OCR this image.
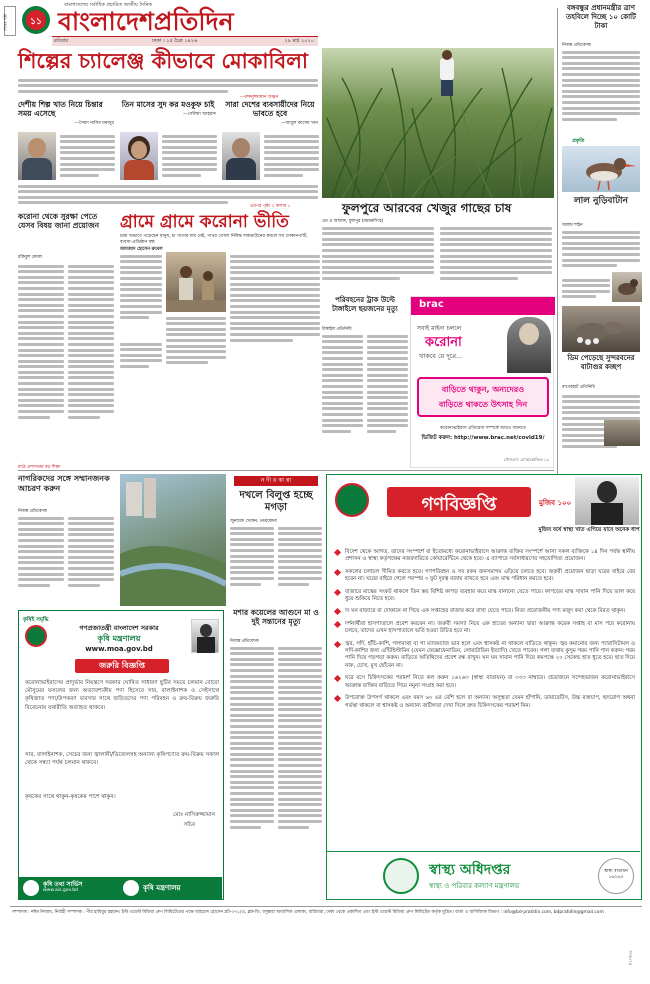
শেষের পৃষ্ঠা	১১
বাংলাদেশের সর্বাধিক প্রচারিত জাতীয় দৈনিক
বাংলাদেশপ্রতিদিন
রবিবার	ঢাকা । ১৫ চৈত্র ১৪২৬	২৯ মার্চ ২০২০
শিল্পের চ্যালেঞ্জ কীভাবে মোকাবিলা
—রুকনুজ্জামান অঞ্জন
দেশীয় শিল্প খাত নিয়ে চিন্তার সময় এসেছে
—সৈয়দ নাসিম মনজুর
তিন মাসের সুদ কর মওকুফ চাই
—সেলিমা আহমাদ
সারা দেশের ব্যবসায়ীদের নিয়ে ভাবতে হবে
—আবুল কাসেম খান
এরপর পৃষ্ঠা ২ কলাম ১	ফুলপুরে আরবের খেজুর গাছের চাষ
এম এ আজাদ, ফুলপুর (ময়মনসিংহ)
বঙ্গবন্ধুর প্রধানমন্ত্রীর ত্রাণ তহবিলে দিচ্ছে ১০ কোটি টাকা
নিজস্ব প্রতিবেদক
প্রকৃতি
লাল নুড়িবাটান
আলম শাইন
করোনা থেকে সুরক্ষা পেতে যেসব বিষয় জানা প্রয়োজন
রকিবুল কেবল
গ্রামে গ্রামে করোনা ভীতি
চরম অভাবে পড়েছেন মানুষ, চা পাতার দাম নেই, পাথর তোলা নিষিদ্ধ লকডাউনের কবলে সব দোকানপাটি, ব্যবসা-প্রতিষ্ঠান বন্ধ
আমজাদ হোসেন রুবেল
পরিবহনের ট্রাক উল্টে টাঙ্গাইলে ছয়জনের মৃত্যু
টাঙ্গাইল প্রতিনিধি
brac
সবাই মাইনা চললে
করোনা
থাকবে যে দূরে...
বাড়িতে থাকুন, অন্যদেরও
বাড়িতে থাকতে উৎসাহ দিন
করোনাভাইরাস প্রতিরোধ সম্পর্কে আরও জানতে
ভিজিট করুন: http://www.brac.net/covid19/
সৌজন্যে: ব্র্যাক/কোভিড-১৯
ডিম পেড়েছে সুন্দরবনের বাটাগুর কচ্ছপ
বাগেরহাট প্রতিনিধি
মাঠে প্রশাসনের বড় শিক্ষা
নাগরিকদের সঙ্গে সম্মানজনক আচরণ করুন
নিজস্ব প্রতিবেদক
ন দী র কা ন্না
দখলে বিলুপ্ত হচ্ছে মগড়া
জুনায়েদ খোকন, নেত্রকোনা
মশার কয়েলের আগুনে মা ও দুই সন্তানের মৃত্যু
নিজস্ব প্রতিবেদক
কৃষিই সমৃদ্ধি
গণপ্রজাতন্ত্রী বাংলাদেশ সরকার
কৃষি মন্ত্রণালয়
www.moa.gov.bd
জরুরি বিজ্ঞপ্তি
করোনাভাইরাসের প্রাদুর্ভাব নিয়ন্ত্রণে সরকার ঘোষিত সাধারণ ছুটির সময়ে চলমান বোরো মৌসুমের ফসলের জন্য অত্যাবশ্যকীয় পণ্য হিসেবে সার, বালাইনাশক ও সেইসাথে কৃষিজাত পণ্য/উপকরণ ব্যবসার সাথে জড়িতদের পণ্য পরিবহন ও ক্রয়-বিক্রয় জরুরি বিবেচনায় যথারীতি অব্যাহত থাকবে।
সার, বালাইনাশক, সেচের জন্য জ্বালানী/ডিজেলসহ অন্যান্য কৃষিপণ্যের ক্রয়-বিক্রয় সকাল থেকে সন্ধ্যা পর্যন্ত চলমান থাকবে।
কৃষকের সাথে থাকুন-কৃষকের পাশে থাকুন।
মোঃ নাসিরুজ্জামান
সচিব
কৃষি তথ্য সার্ভিস
www.ais.gov.bd	কৃষি মন্ত্রণালয়
গণবিজ্ঞপ্তি	মুজিব ১০০
মুজিব বর্ষে স্বাস্থ্য খাত এগিয়ে যাবে অনেক ধাপ
বিদেশ থেকে আগত, তাদের সংস্পর্শে বা ইতোমধ্যে করোনাভাইরাসে আক্রান্ত ব্যক্তির সংস্পর্শে আসা সকল ব্যক্তিকে ১৪ দিন পর্যন্ত স্থানীয় প্রশাসন ও স্বাস্থ্য কর্তৃপক্ষের নজরদারিতে কোয়ারেন্টিনে থেকে হবে। এ ব্যাপারে সর্বসাধারণের সহযোগিতা প্রয়োজন।
সকলের চলাচল সীমিত করতে হবে। গণপরিবহন ও সব রকম জনসমাগম এড়িয়ে চলতে হবে। জরুরী প্রয়োজন ছাড়া ঘরের বাইরে বের হবেন না। ঘরের বাইরে গেলে পরস্পর ৩ ফুট দূরত্ব বজায় রাখতে হবে এবং মাস্ক পরিধান করতে হবে।
বাজারে মাস্কের সংকট থাকলে তিন স্তর বিশিষ্ট কাপড় ব্যবহার করে মাস্ক বানানো যেতে পারে। কাপড়ের মাস্ক সাবান পানি দিয়ে ভাল করে ধুয়ে শুকিয়ে নিতে হবে।
দ্য ঘন বাজারে বা দোকানে না গিয়ে এক সপ্তাহের বাজার করে রাখা যেতে পারে। নিত্য প্রয়োজনীয় পণ্য মজুদ করা থেকে বিরত থাকুন।
দর্শনার্থীরা হাসপাতালে প্রবেশ করবেন না। জরুরী সমস্যা নিয়ে এক হাতের অন্যান্য দ্বারা আক্রান্ত করেক সপ্তাহ বা মাস পরে করোনায় চলবে, তাদের এখন হাসপাতালে ভর্তি হওয়া উচিত হবে না।
জ্বর, সর্দি, হাঁচি-কাশি, গলাব্যথা বা গা ম্যাজম্যাজ ভাব হলে এবং শ্বাসকষ্ট না থাকলে বাড়িতে থাকুন। জ্বর কমানোর জন্য প্যারাসিটামল ও সর্দি-কাশির জন্য এন্টিহিস্টামিন (যেমন ফেক্সোফেনাডিন, লোরাটাডিন ইত্যাদি) খেতে পারেন। গলা ব্যথায় কুসুম গরম পানি পান করুন। গরম পানি দিয়ে গড়গড়া করুন। বাড়িতে অতিথিদের প্রবেশ বন্ধ রাখুন। ঘন ঘন সাবান পানি দিয়ে কমপক্ষে ২০ সেকেন্ড হাত ধুতে হবে। হাত দিয়ে নাক, চোখ, মুখ ছোঁবেন না।
ঘরে বসে চিকিৎসকের পরামর্শ নিতে কল করুন ১৬২৬৩ (স্বাস্থ্য বাতায়ন) বা ৩৩৩ নাম্বারে। প্রয়োজনে সন্দেহভাজন করোনাভাইরাসে আক্রান্ত ব্যক্তির বাড়িতে গিয়ে নমুনা সংগ্রহ করা হবে।
উপরোক্ত উপসর্গ থাকলে এবং বয়স ৬০ এর বেশি হলে বা অন্যান্য অসুস্থতা যেমন হাঁপানি, ডায়াবেটিস, উচ্চ রক্তচাপ, হৃদরোগ অথবা গর্ভস্থা থাকলে বা শ্বাসকষ্ট ও অন্যান্য জটিলতা দেখা দিলে দ্রুত চিকিৎসকের পরামর্শ নিন।
স্বাস্থ্য অধিদপ্তর
স্বাস্থ্য ও পরিবার কল্যাণ মন্ত্রণালয়
স্বাস্থ্য বাতায়ন ১৬২৬৩
৳১০৳১৯
সম্পাদক : নঈম নিজাম, নির্বাহী সম্পাদক : পীর হাবিবুর রহমান। ইস্ট ওয়েস্ট মিডিয়া গ্রুপ লিমিটেডের পক্ষে আহমেদ হোসেন প্লট-৩৭১/এ, ব্লক-ডি, বসুন্ধরা আবাসিক এলাকা, বারিধারা, ঢাকা থেকে প্রকাশিত এবং ইস্ট ওয়েস্ট মিডিয়া গ্রুপ লিমিটেড কর্তৃক মুদ্রিত। বার্তা ও বাণিজ্যিক বিভাগ : info@bd-pratidin.com, bdpratidin@gmail.com
